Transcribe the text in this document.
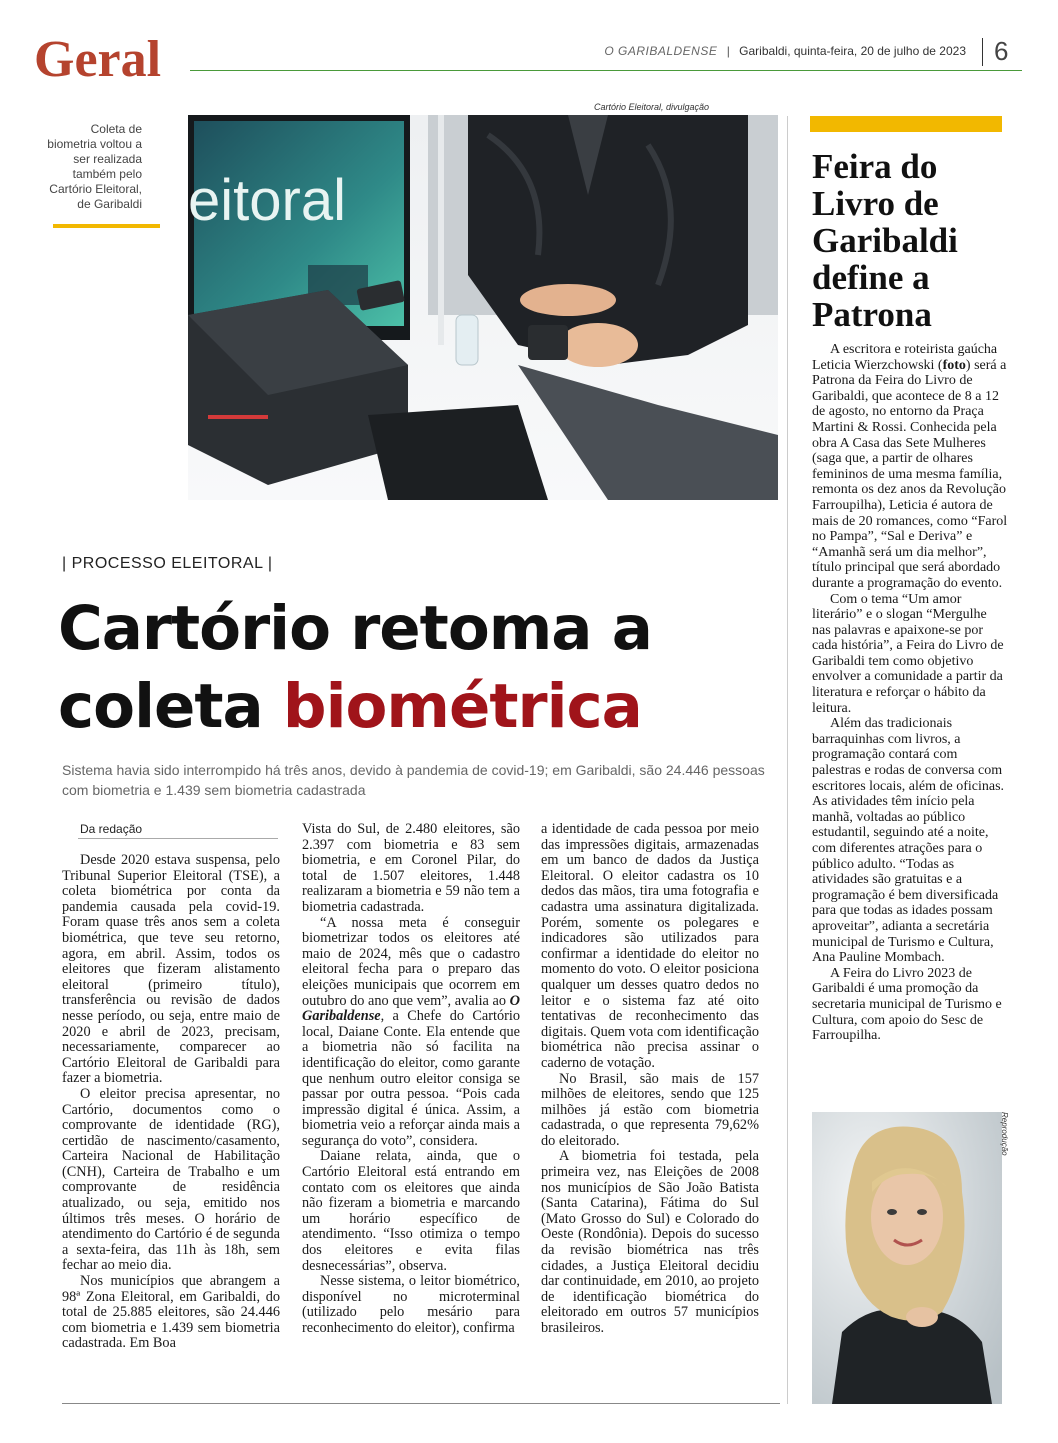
Geral	O GARIBALDENSE | Garibaldi, quinta-feira, 20 de julho de 2023 6
Cartório Eleitoral, divulgação
eitoral
Coleta de biometria voltou a ser realizada também pelo Cartório Eleitoral, de Garibaldi
| PROCESSO ELEITORAL |
Cartório retoma a
coleta biométrica
Sistema havia sido interrompido há três anos, devido à pandemia de covid-19; em Garibaldi, são 24.446 pessoas com biometria e 1.439 sem biometria cadastrada
Da redação

Desde 2020 estava suspensa, pelo Tribunal Superior Eleitoral (TSE), a coleta biométrica por conta da pandemia causada pela covid-19. Foram quase três anos sem a coleta biométrica, que teve seu retorno, agora, em abril. Assim, todos os eleitores que fizeram alistamento eleitoral (primeiro título), transferência ou revisão de dados nesse período, ou seja, entre maio de 2020 e abril de 2023, precisam, necessariamente, comparecer ao Cartório Eleitoral de Garibaldi para fazer a biometria.

O eleitor precisa apresentar, no Cartório, documentos como o comprovante de identidade (RG), certidão de nascimento/casamento, Carteira Nacional de Habilitação (CNH), Carteira de Trabalho e um comprovante de residência atualizado, ou seja, emitido nos últimos três meses. O horário de atendimento do Cartório é de segunda a sexta-feira, das 11h às 18h, sem fechar ao meio dia.

Nos municípios que abrangem a 98ª Zona Eleitoral, em Garibaldi, do total de 25.885 eleitores, são 24.446 com biometria e 1.439 sem biometria cadastrada. Em Boa

Vista do Sul, de 2.480 eleitores, são 2.397 com biometria e 83 sem biometria, e em Coronel Pilar, do total de 1.507 eleitores, 1.448 realizaram a biometria e 59 não tem a biometria cadastrada.

“A nossa meta é conseguir biometrizar todos os eleitores até maio de 2024, mês que o cadastro eleitoral fecha para o preparo das eleições municipais que ocorrem em outubro do ano que vem”, avalia ao O Garibaldense, a Chefe do Cartório local, Daiane Conte. Ela entende que a biometria não só facilita na identificação do eleitor, como garante que nenhum outro eleitor consiga se passar por outra pessoa. “Pois cada impressão digital é única. Assim, a biometria veio a reforçar ainda mais a segurança do voto”, considera.

Daiane relata, ainda, que o Cartório Eleitoral está entrando em contato com os eleitores que ainda não fizeram a biometria e marcando um horário específico de atendimento. “Isso otimiza o tempo dos eleitores e evita filas desnecessárias”, observa.

Nesse sistema, o leitor biométrico, disponível no microterminal (utilizado pelo mesário para reconhecimento do eleitor), confirma

a identidade de cada pessoa por meio das impressões digitais, armazenadas em um banco de dados da Justiça Eleitoral. O eleitor cadastra os 10 dedos das mãos, tira uma fotografia e cadastra uma assinatura digitalizada. Porém, somente os polegares e indicadores são utilizados para confirmar a identidade do eleitor no momento do voto. O eleitor posiciona qualquer um desses quatro dedos no leitor e o sistema faz até oito tentativas de reconhecimento das digitais. Quem vota com identificação biométrica não precisa assinar o caderno de votação.

No Brasil, são mais de 157 milhões de eleitores, sendo que 125 milhões já estão com biometria cadastrada, o que representa 79,62% do eleitorado.

A biometria foi testada, pela primeira vez, nas Eleições de 2008 nos municípios de São João Batista (Santa Catarina), Fátima do Sul (Mato Grosso do Sul) e Colorado do Oeste (Rondônia). Depois do sucesso da revisão biométrica nas três cidades, a Justiça Eleitoral decidiu dar continuidade, em 2010, ao projeto de identificação biométrica do eleitorado em outros 57 municípios brasileiros.

Feira do Livro de Garibaldi define a Patrona

A escritora e roteirista gaúcha Leticia Wierzchowski (foto) será a Patrona da Feira do Livro de Garibaldi, que acontece de 8 a 12 de agosto, no entorno da Praça Martini & Rossi. Conhecida pela obra A Casa das Sete Mulheres (saga que, a partir de olhares femininos de uma mesma família, remonta os dez anos da Revolução Farroupilha), Leticia é autora de mais de 20 romances, como “Farol no Pampa”, “Sal e Deriva” e “Amanhã será um dia melhor”, título principal que será abordado durante a programação do evento.

Com o tema “Um amor literário” e o slogan “Mergulhe nas palavras e apaixone-se por cada história”, a Feira do Livro de Garibaldi tem como objetivo envolver a comunidade a partir da literatura e reforçar o hábito da leitura.

Além das tradicionais barraquinhas com livros, a programação contará com palestras e rodas de conversa com escritores locais, além de oficinas. As atividades têm início pela manhã, voltadas ao público estudantil, seguindo até a noite, com diferentes atrações para o público adulto. “Todas as atividades são gratuitas e a programação é bem diversificada para que todas as idades possam aproveitar”, adianta a secretária municipal de Turismo e Cultura, Ana Pauline Mombach.

A Feira do Livro 2023 de Garibaldi é uma promoção da secretaria municipal de Turismo e Cultura, com apoio do Sesc de Farroupilha.

Reprodução
